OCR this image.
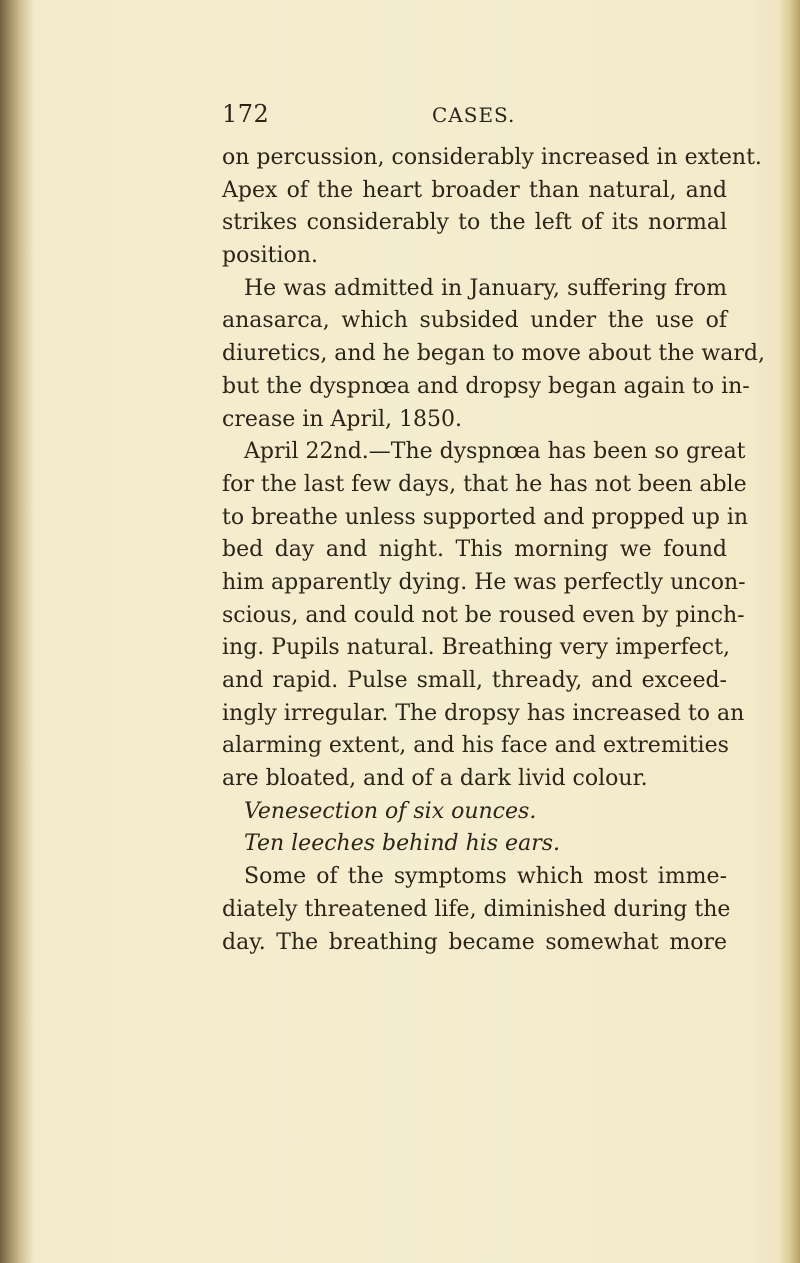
172	CASES.
on percussion, considerably increased in extent.
Apex of the heart broader than natural, and
strikes considerably to the left of its normal
position.
He was admitted in January, suffering from
anasarca, which subsided under the use of
diuretics, and he began to move about the ward,
but the dyspnœa and dropsy began again to in-
crease in April, 1850.
April 22nd.—The dyspnœa has been so great
for the last few days, that he has not been able
to breathe unless supported and propped up in
bed day and night. This morning we found
him apparently dying. He was perfectly uncon-
scious, and could not be roused even by pinch-
ing. Pupils natural. Breathing very imperfect,
and rapid. Pulse small, thready, and exceed-
ingly irregular. The dropsy has increased to an
alarming extent, and his face and extremities
are bloated, and of a dark livid colour.
Venesection of six ounces.
Ten leeches behind his ears.
Some of the symptoms which most imme-
diately threatened life, diminished during the
day. The breathing became somewhat more
